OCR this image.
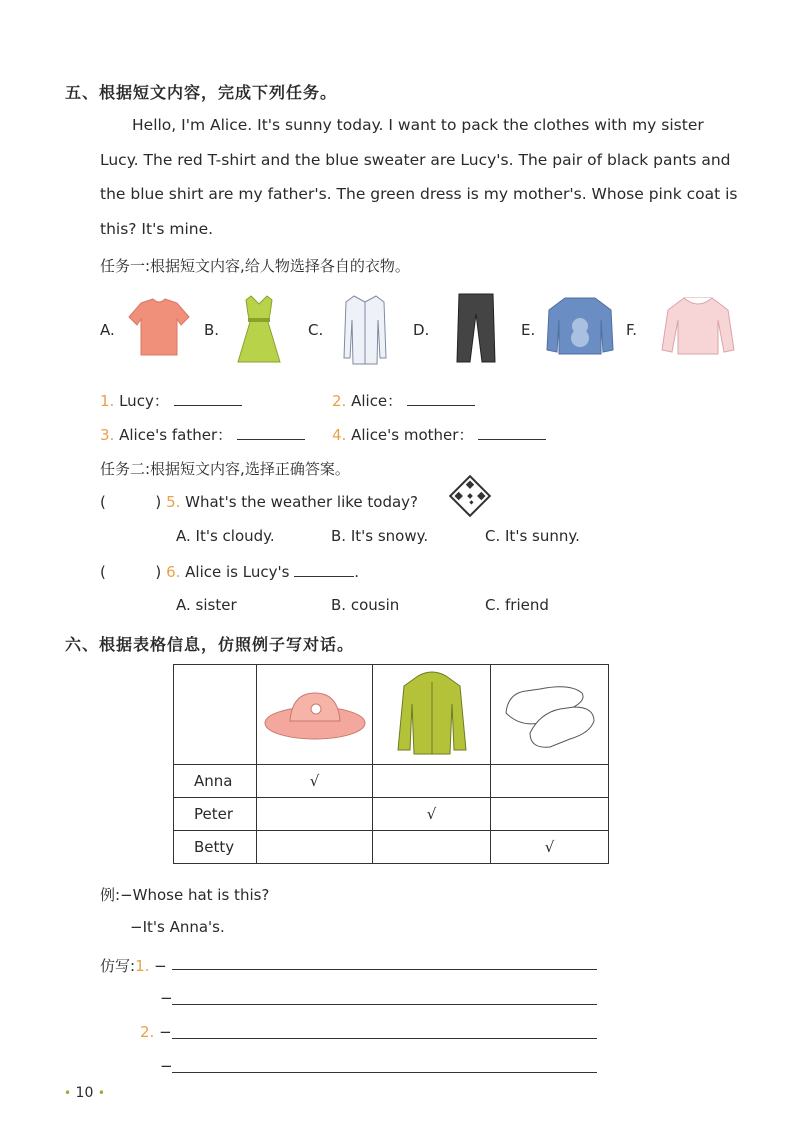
五、根据短文内容，完成下列任务。
Hello, I'm Alice. It's sunny today. I want to pack the clothes with my sister
Lucy. The red T-shirt and the blue sweater are Lucy's. The pair of black pants and
the blue shirt are my father's. The green dress is my mother's. Whose pink coat is
this? It's mine.
任务一:根据短文内容,给人物选择各自的衣物。
A.	B.	C.	D.	E.	F.
1. Lucy：	2. Alice：
3. Alice's father：	4. Alice's mother：
任务二:根据短文内容,选择正确答案。
(	) 5. What's the weather like today?
A. It's cloudy.	B. It's snowy.	C. It's sunny.
(	) 6. Alice is Lucy's	.
A. sister	B. cousin	C. friend
六、根据表格信息，仿照例子写对话。

Anna	√		
Peter		√	
Betty			√
例:−Whose hat is this?
−It's Anna's.
仿写:1. −
−
2. −
−
• 10 •
